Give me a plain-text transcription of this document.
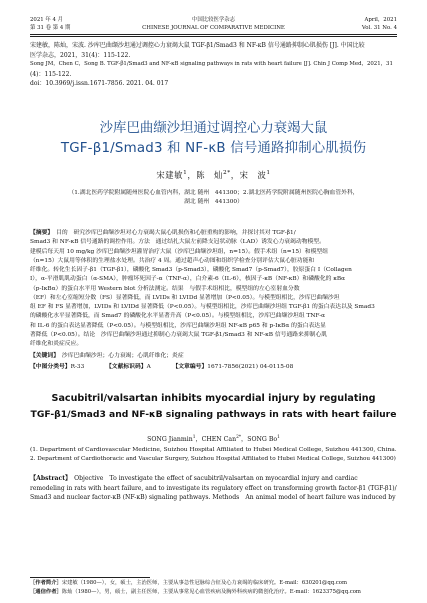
2021 年 4 月	中国比较医学杂志	April，2021
第 31 卷 第 4 期	CHINESE JOURNAL OF COMPARATIVE MEDICINE	Vol. 31 No. 4
宋建敏，陈灿，宋波. 沙库巴曲缬沙坦通过调控心力衰竭大鼠 TGF-β1/Smad3 和 NF-κB 信号通路抑制心肌损伤 [J]. 中国比较
医学杂志，2021，31(4)：115-122.
Song JM，Chen C，Song B. TGF-β1/Smad3 and NF-κB signaling pathways in rats with heart failure [J]. Chin J Comp Med，2021，31
(4)：115-122.
doi：10.3969/j.issn.1671-7856. 2021. 04. 017
沙库巴曲缬沙坦通过调控心力衰竭大鼠
TGF-β1/Smad3 和 NF-κB 信号通路抑制心肌损伤
宋建敏$^1$，陈　灿$^{2*}$，宋　波$^1$
（1.湖北医药学院附属随州医院心血管内科，湖北 随州　441300；2.湖北医药学院附属随州医院心胸血管外科，
湖北 随州　441300）
【摘要】　 目的　研究沙库巴曲缬沙坦对心力衰竭大鼠心肌损伤和心脏重构的影响，并探讨其对 TGF-β1/
Smad3 和 NF-κB 信号通路的调控作用。方法　通过结扎大鼠左前降支冠状动脉（LAD）诱发心力衰竭动物模型。
建模后每天用 10 mg/kg 沙库巴曲缬沙坦灌胃治疗大鼠（沙库巴曲缬沙坦组，n=15）。假手术组（n=15）和模型组
（n=15）大鼠用等体积的生理盐水处理。共治疗 4 周。通过超声心动图和组织学检查分别评估大鼠心脏功能和
纤维化。转化生长因子-β1（TGF-β1），磷酸化 Smad3（p-Smad3），磷酸化 Smad7（p-Smad7），胶原蛋白 I（Collagen
I），α-平滑肌肌动蛋白（α-SMA），肿瘤坏死因子-α（TNF-α），白介素-6（IL-6），核因子-κB（NF-κB）和磷酸化的 κBα
（p-IκBα）的蛋白水平用 Western blot 分析法测定。结果　与假手术组相比，模型组的左心室射血分数
（EF）和左心室缩短分数（FS）显著降低，而 LVIDs 和 LVIDd 显著增加（P<0.05）。与模型组相比，沙库巴曲缬沙坦
组 EF 和 FS 显著增加，LVIDs 和 LVIDd 显著降低（P<0.05）。与模型组相比，沙库巴曲缬沙坦组 TGF-β1 的蛋白表达以及 Smad3
的磷酸化水平显著降低，而 Smad7 的磷酸化水平显著升高（P<0.05）。与模型组相比，沙库巴曲缬沙坦组 TNF-α
和 IL-6 的蛋白表达显著降低（P<0.05）。与模型组相比，沙库巴曲缬沙坦组 NF-κB p65 和 p-IκBα 的蛋白表达显
著降低（P<0.05）。结论　沙库巴曲缬沙坦通过抑制心力衰竭大鼠 TGF-β1/Smad3 和 NF-κB 信号通路来抑制心肌
纤维化和炎症反应。
【关键词】　 沙库巴曲缬沙坦；心力衰竭；心肌纤维化；炎症
【中图分类号】R-33	【文献标识码】A	【文章编号】1671-7856(2021) 04-0115-08
Sacubitril/valsartan inhibits myocardial injury by regulating
TGF-β1/Smad3 and NF-κB signaling pathways in rats with heart failure
SONG Jianmin$^1$，CHEN Can$^{2*}$，SONG Bo$^1$
(1. Department of Cardiovascular Medicine, Suizhou Hospital Affiliated to Hubei Medical College, Suizhou 441300, China.
2. Department of Cardiothoracic and Vascular Surgery, Suizhou Hospital Affiliated to Hubei Medical College, Suizhou 441300)
【Abstract】　 Objective　To investigate the effect of sacubitril/valsartan on myocardial injury and cardiac
remodeling in rats with heart failure, and to investigate its regulatory effect on transforming growth factor-β1 (TGF-β1)/
Smad3 and nuclear factor-κB (NF-κB) signaling pathways. Methods　An animal model of heart failure was induced by
［作者简介］宋建敏（1980—），女，硕士，主治医师，主要从事急性冠脉综合征及心力衰竭的临床研究。E-mail：630201@qq.com
［通信作者］陈灿（1980—），男，硕士，副主任医师，主要从事常见心血管疾病及胸外科疾病的微创化治疗。E-mail：1623375@qq.com
